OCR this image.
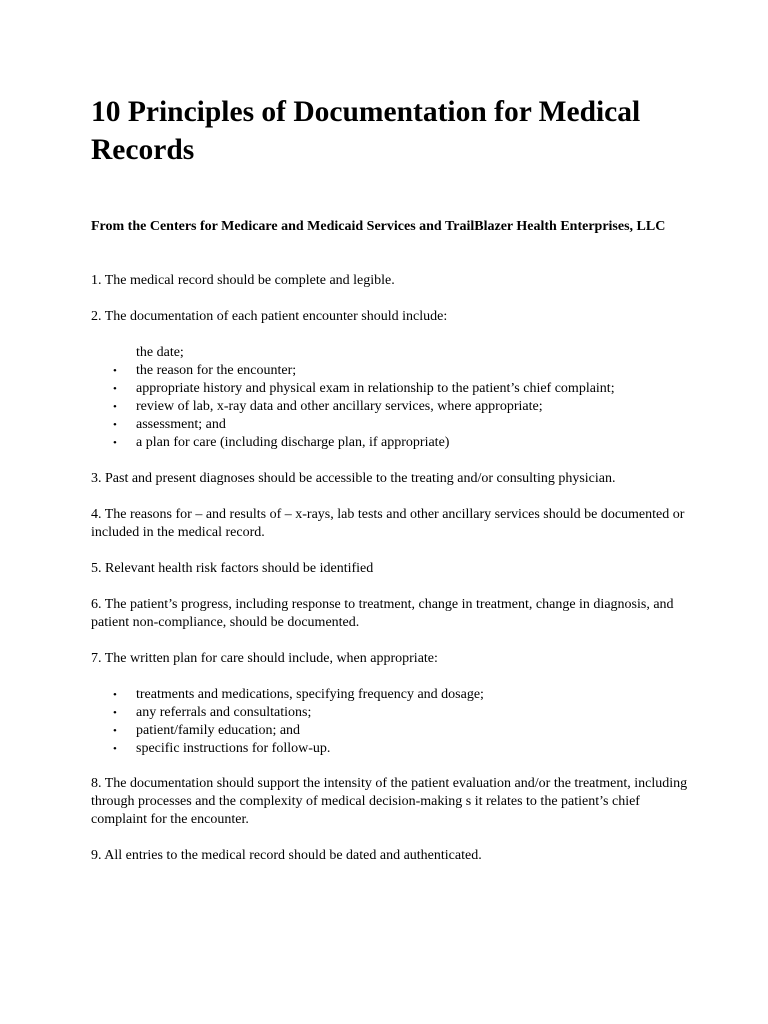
10 Principles of Documentation for Medical Records

From the Centers for Medicare and Medicaid Services and TrailBlazer Health Enterprises, LLC

1. The medical record should be complete and legible.

2. The documentation of each patient encounter should include:

the date;
• the reason for the encounter;
• appropriate history and physical exam in relationship to the patient’s chief complaint;
• review of lab, x-ray data and other ancillary services, where appropriate;
• assessment; and
• a plan for care (including discharge plan, if appropriate)

3. Past and present diagnoses should be accessible to the treating and/or consulting physician.

4. The reasons for – and results of – x-rays, lab tests and other ancillary services should be documented or included in the medical record.

5. Relevant health risk factors should be identified

6. The patient’s progress, including response to treatment, change in treatment, change in diagnosis, and patient non-compliance, should be documented.

7. The written plan for care should include, when appropriate:

• treatments and medications, specifying frequency and dosage;
• any referrals and consultations;
• patient/family education; and
• specific instructions for follow-up.

8. The documentation should support the intensity of the patient evaluation and/or the treatment, including through processes and the complexity of medical decision-making s it relates to the patient’s chief complaint for the encounter.

9. All entries to the medical record should be dated and authenticated.
